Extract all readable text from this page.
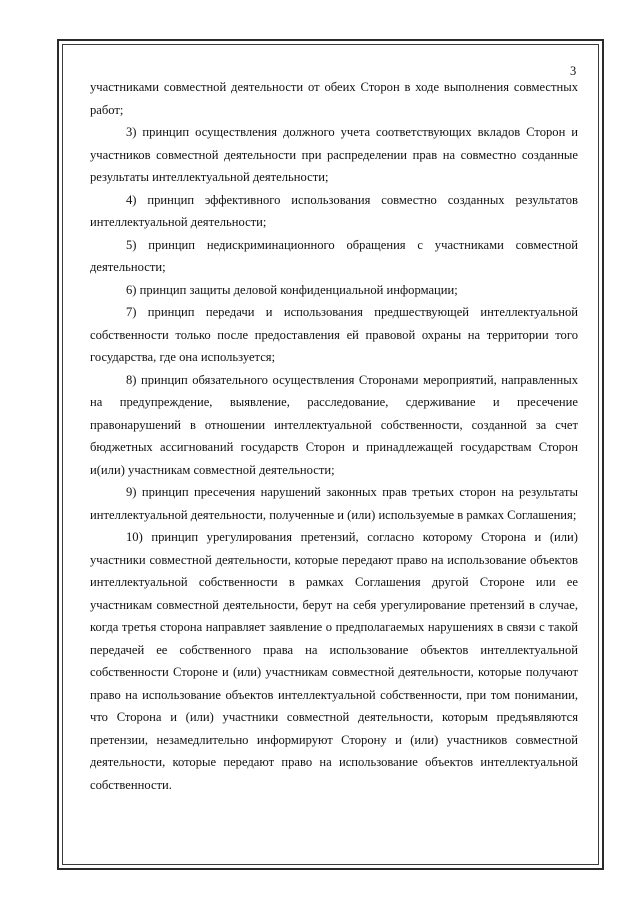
3

участниками совместной деятельности от обеих Сторон в ходе выполнения совместных работ;

3) принцип осуществления должного учета соответствующих вкладов Сторон и участников совместной деятельности при распределении прав на совместно созданные результаты интеллектуальной деятельности;

4) принцип эффективного использования совместно созданных результатов интеллектуальной деятельности;

5) принцип недискриминационного обращения с участниками совместной деятельности;

6) принцип защиты деловой конфиденциальной информации;

7) принцип передачи и использования предшествующей интеллектуальной собственности только после предоставления ей правовой охраны на территории того государства, где она используется;

8) принцип обязательного осуществления Сторонами мероприятий, направленных на предупреждение, выявление, расследование, сдерживание и пресечение правонарушений в отношении интеллектуальной собственности, созданной за счет бюджетных ассигнований государств Сторон и принадлежащей государствам Сторон и(или) участникам совместной деятельности;

9) принцип пресечения нарушений законных прав третьих сторон на результаты интеллектуальной деятельности, полученные и (или) используемые в рамках Соглашения;

10) принцип урегулирования претензий, согласно которому Сторона и (или) участники совместной деятельности, которые передают право на использование объектов интеллектуальной собственности в рамках Соглашения другой Стороне или ее участникам совместной деятельности, берут на себя урегулирование претензий в случае, когда третья сторона направляет заявление о предполагаемых нарушениях в связи с такой передачей ее собственного права на использование объектов интеллектуальной собственности Стороне и (или) участникам совместной деятельности, которые получают право на использование объектов интеллектуальной собственности, при том понимании, что Сторона и (или) участники совместной деятельности, которым предъявляются претензии, незамедлительно информируют Сторону и (или) участников совместной деятельности, которые передают право на использование объектов интеллектуальной собственности.
